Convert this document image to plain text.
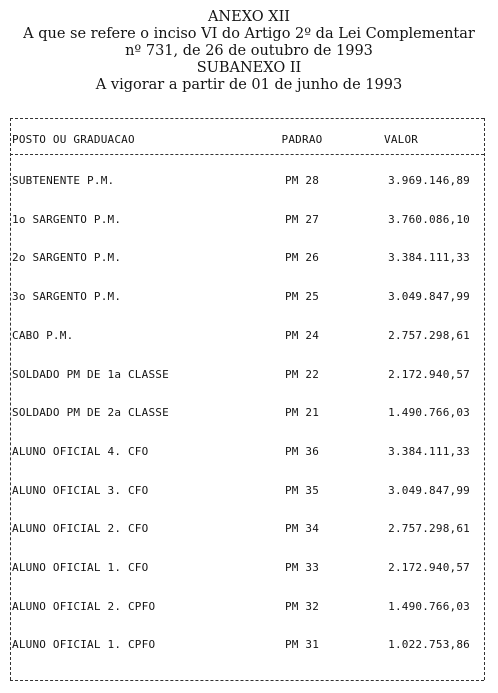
ANEXO XII
A que se refere o inciso VI do Artigo 2º da Lei Complementar
nº 731, de 26 de outubro de 1993
SUBANEXO II
A vigorar a partir de 01 de junho de 1993
POSTO OU GRADUACAO	PADRAO	VALOR
SUBTENENTE P.M.	PM 28	3.969.146,89
1o SARGENTO P.M.	PM 27	3.760.086,10
2o SARGENTO P.M.	PM 26	3.384.111,33
3o SARGENTO P.M.	PM 25	3.049.847,99
CABO P.M.	PM 24	2.757.298,61
SOLDADO PM DE 1a CLASSE	PM 22	2.172.940,57
SOLDADO PM DE 2a CLASSE	PM 21	1.490.766,03
ALUNO OFICIAL 4. CFO	PM 36	3.384.111,33
ALUNO OFICIAL 3. CFO	PM 35	3.049.847,99
ALUNO OFICIAL 2. CFO	PM 34	2.757.298,61
ALUNO OFICIAL 1. CFO	PM 33	2.172.940,57
ALUNO OFICIAL 2. CPFO	PM 32	1.490.766,03
ALUNO OFICIAL 1. CPFO	PM 31	1.022.753,86
